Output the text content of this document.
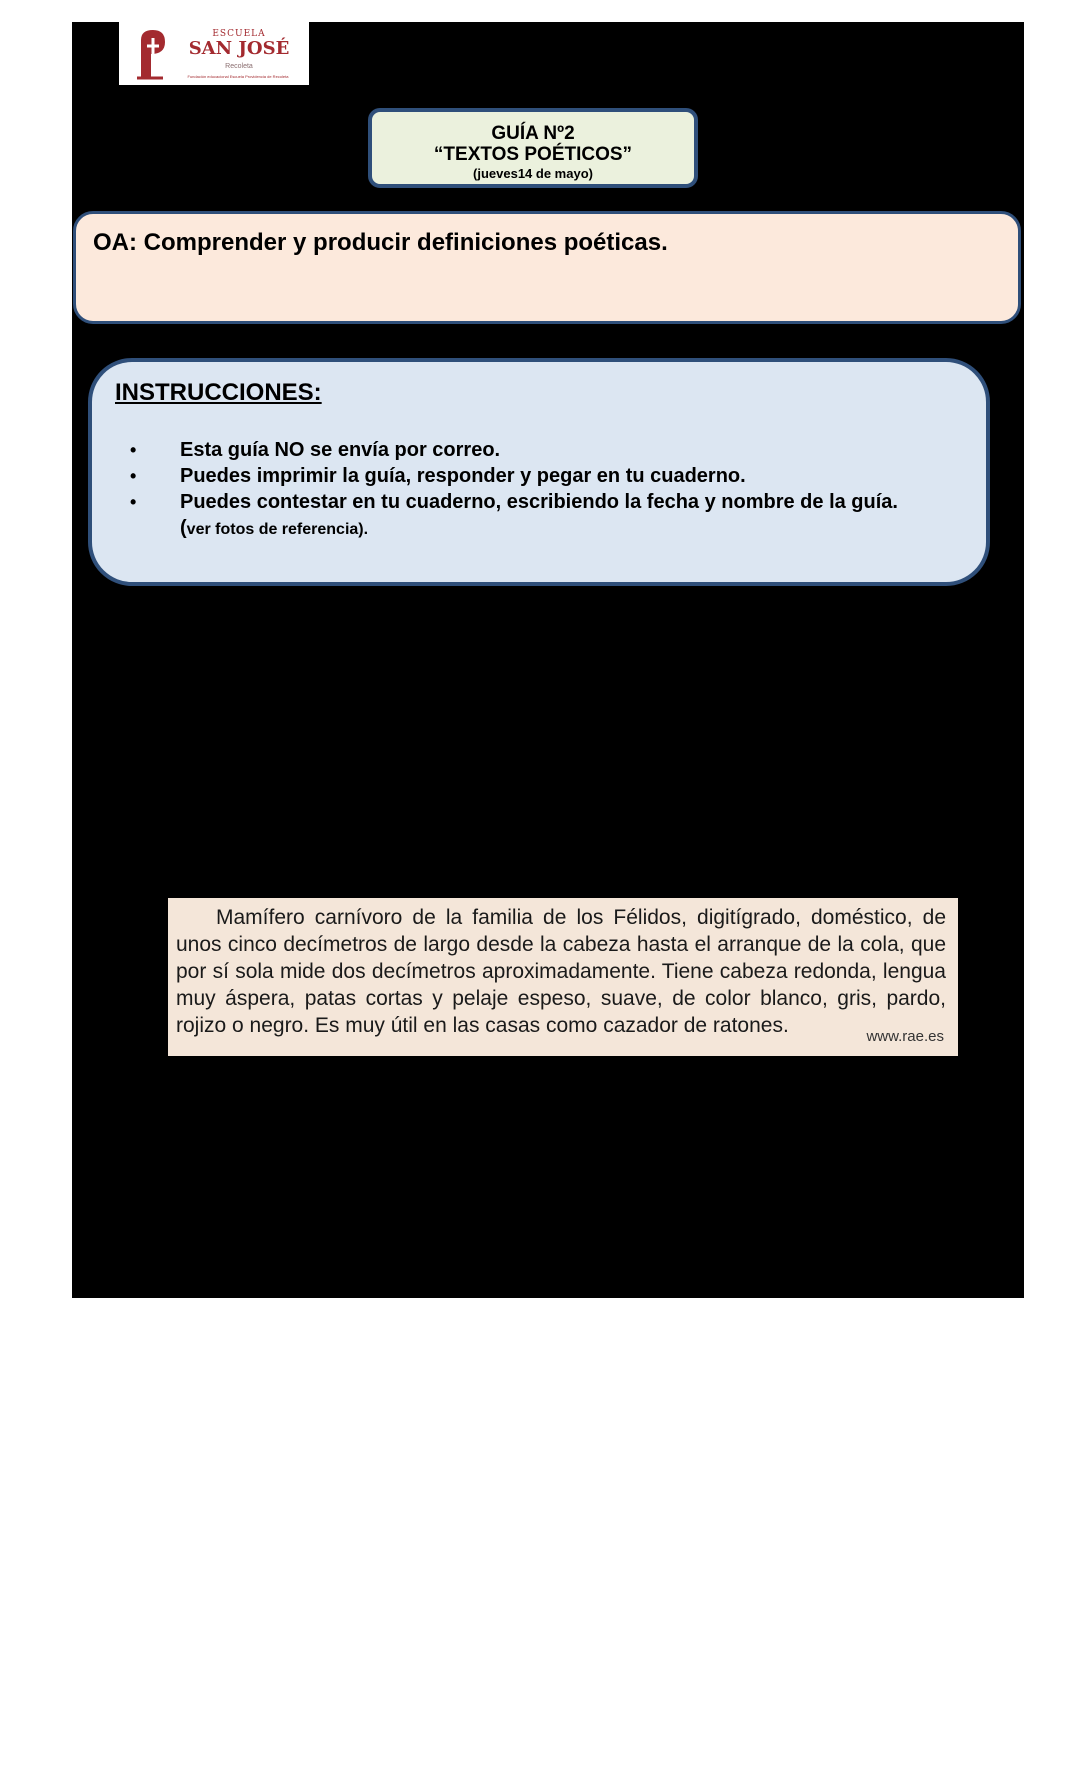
ESCUELA
SAN JOSÉ
Recoleta
Fundación educacional Escuela Providencia de Recoleta
GUÍA Nº2
“TEXTOS POÉTICOS”
(jueves14 de mayo)
OA: Comprender y producir definiciones poéticas.
INSTRUCCIONES:
• Esta guía NO se envía por correo.
• Puedes imprimir la guía, responder y pegar en tu cuaderno.
• Puedes contestar en tu cuaderno, escribiendo la fecha y nombre de la guía.
(ver fotos de referencia).
Mamífero carnívoro de la familia de los Félidos, digitígrado, doméstico, de unos cinco decímetros de largo desde la cabeza hasta el arranque de la cola, que por sí sola mide dos decímetros aproximadamente. Tiene cabeza redonda, lengua muy áspera, patas cortas y pelaje espeso, suave, de color blanco, gris, pardo, rojizo o negro. Es muy útil en las casas como cazador de ratones.	www.rae.es
